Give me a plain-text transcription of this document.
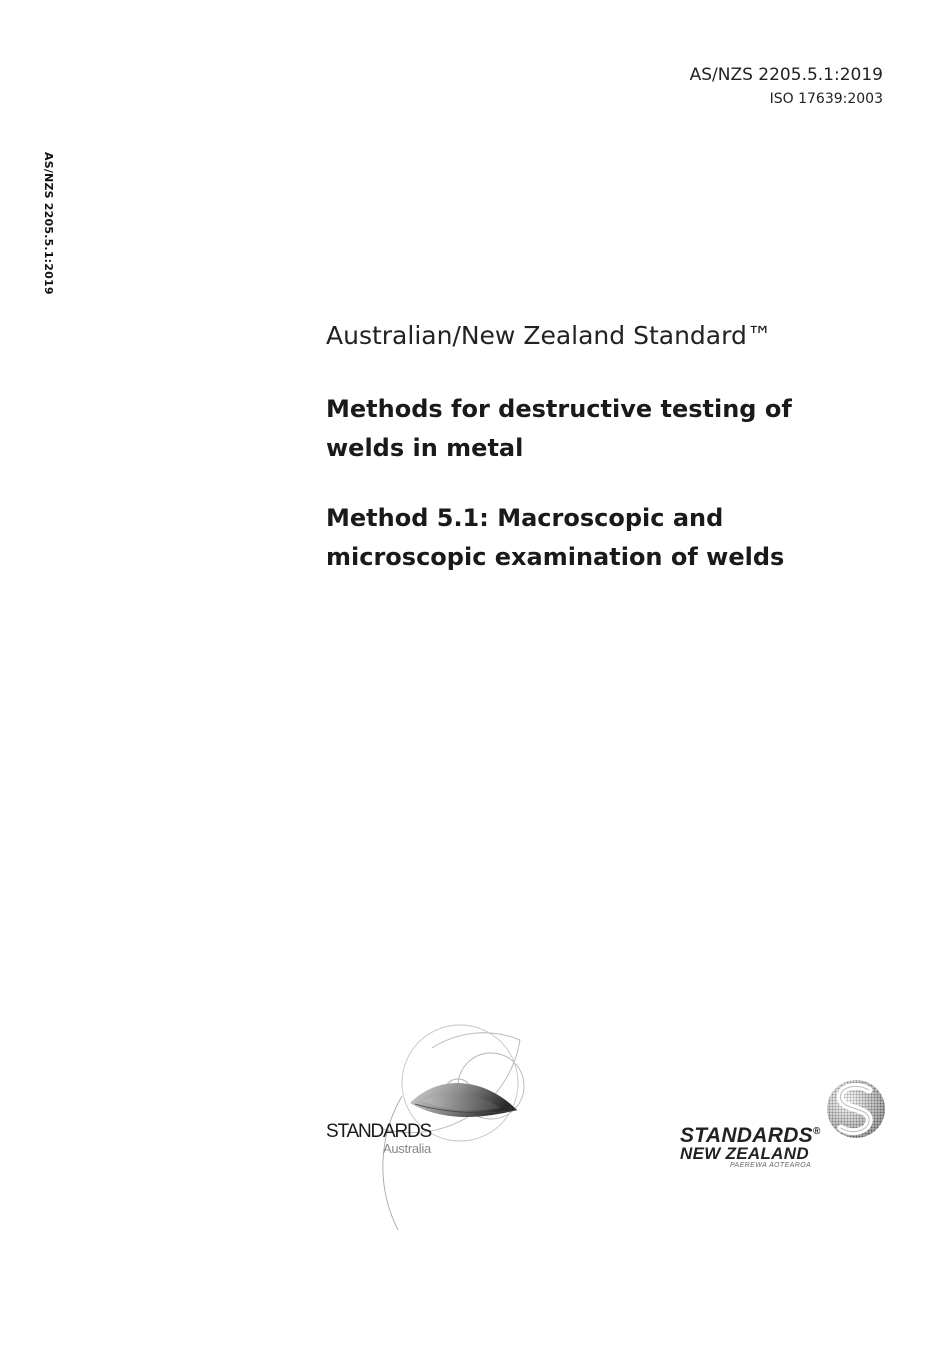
AS/NZS 2205.5.1:2019
ISO 17639:2003
AS/NZS 2205.5.1:2019
Australian/New Zealand Standard™
Methods for destructive testing of welds in metal
Method 5.1: Macroscopic and microscopic examination of welds
STANDARDS
Australia
STANDARDS®
NEW ZEALAND
PAEREWA AOTEAROA
